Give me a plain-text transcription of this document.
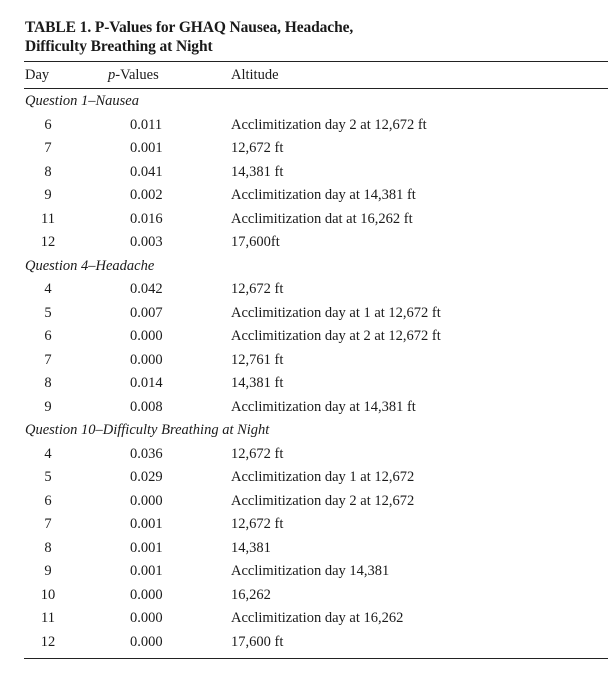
TABLE 1. P-Values for GHAQ Nausea, Headache,
Difficulty Breathing at Night
Day	p-Values	Altitude
Question 1–Nausea
6	0.011	Acclimitization day 2 at 12,672 ft
7	0.001	12,672 ft
8	0.041	14,381 ft
9	0.002	Acclimitization day at 14,381 ft
11	0.016	Acclimitization dat at 16,262 ft
12	0.003	17,600ft
Question 4–Headache
4	0.042	12,672 ft
5	0.007	Acclimitization day at 1 at 12,672 ft
6	0.000	Acclimitization day at 2 at 12,672 ft
7	0.000	12,761 ft
8	0.014	14,381 ft
9	0.008	Acclimitization day at 14,381 ft
Question 10–Difficulty Breathing at Night
4	0.036	12,672 ft
5	0.029	Acclimitization day 1 at 12,672
6	0.000	Acclimitization day 2 at 12,672
7	0.001	12,672 ft
8	0.001	14,381
9	0.001	Acclimitization day 14,381
10	0.000	16,262
11	0.000	Acclimitization day at 16,262
12	0.000	17,600 ft
